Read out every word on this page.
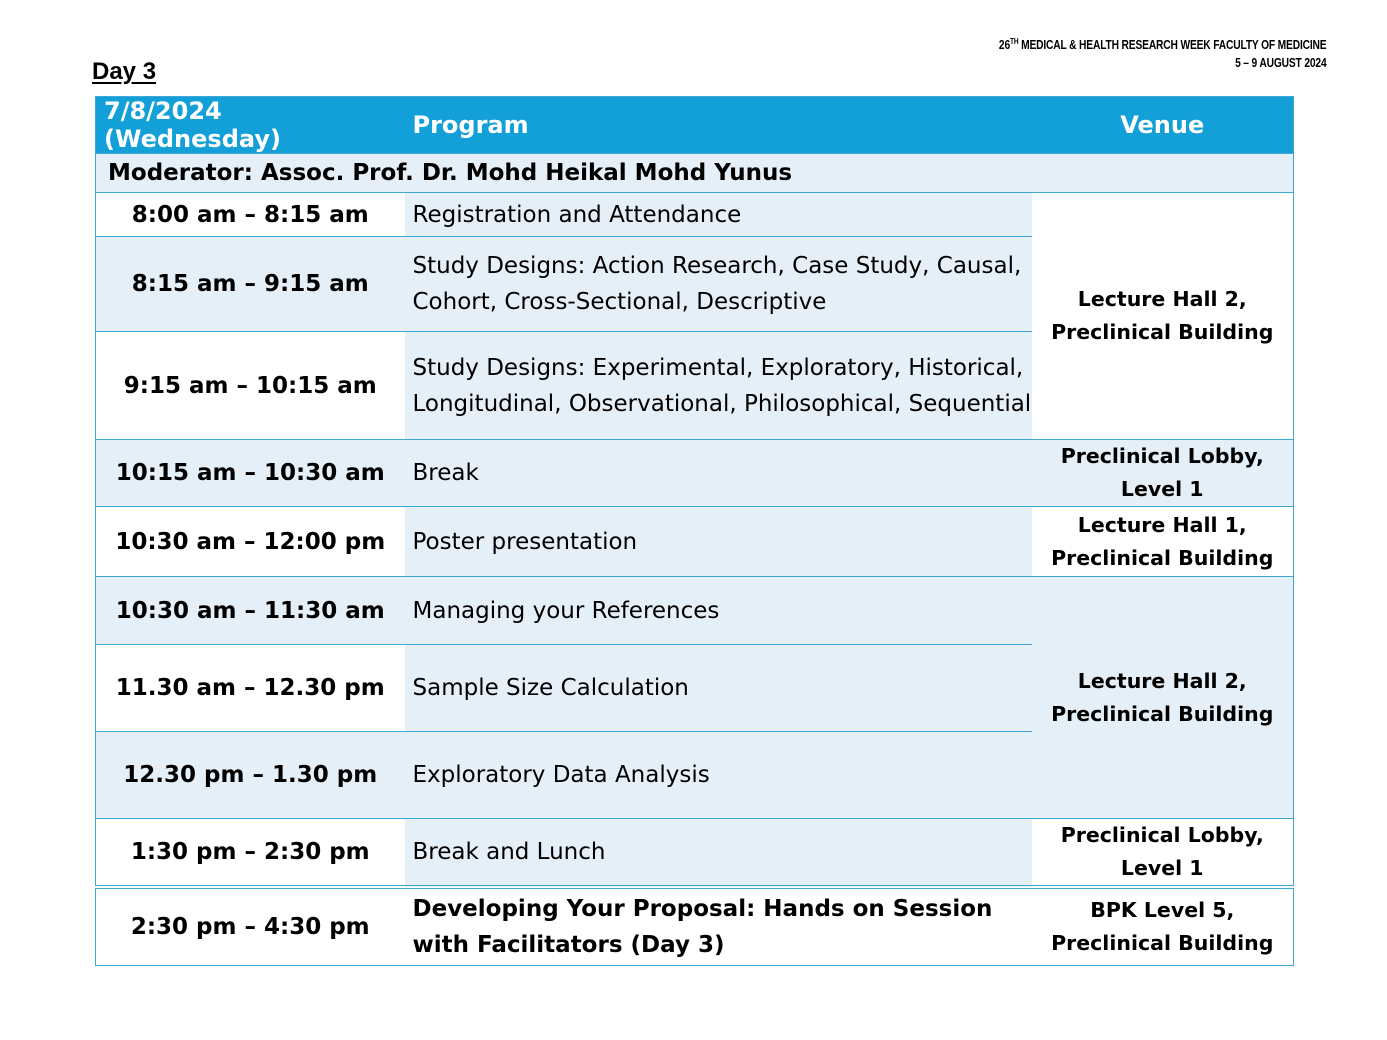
26TH MEDICAL & HEALTH RESEARCH WEEK FACULTY OF MEDICINE
5 – 9 AUGUST 2024
Day 3
7/8/2024 (Wednesday)	Program	Venue
Moderator: Assoc. Prof. Dr. Mohd Heikal Mohd Yunus		
8:00 am – 8:15 am	Registration and Attendance	Lecture Hall 2,
Preclinical Building

8:15 am – 9:15 am	Study Designs: Action Research, Case Study, Causal, Cohort, Cross-Sectional, Descriptive	
9:15 am – 10:15 am	Study Designs: Experimental, Exploratory, Historical, Longitudinal, Observational, Philosophical, Sequential	
10:15 am – 10:30 am	Break	Preclinical Lobby,
Level 1

10:30 am – 12:00 pm	Poster presentation	Lecture Hall 1,
Preclinical Building

10:30 am – 11:30 am	Managing your References	Lecture Hall 2,
Preclinical Building

11.30 am – 12.30 pm	Sample Size Calculation	
12.30 pm – 1.30 pm	Exploratory Data Analysis	
1:30 pm – 2:30 pm	Break and Lunch	Preclinical Lobby,
Level 1

2:30 pm – 4:30 pm	Developing Your Proposal: Hands on Session with Facilitators (Day 3)	BPK Level 5,
Preclinical Building
